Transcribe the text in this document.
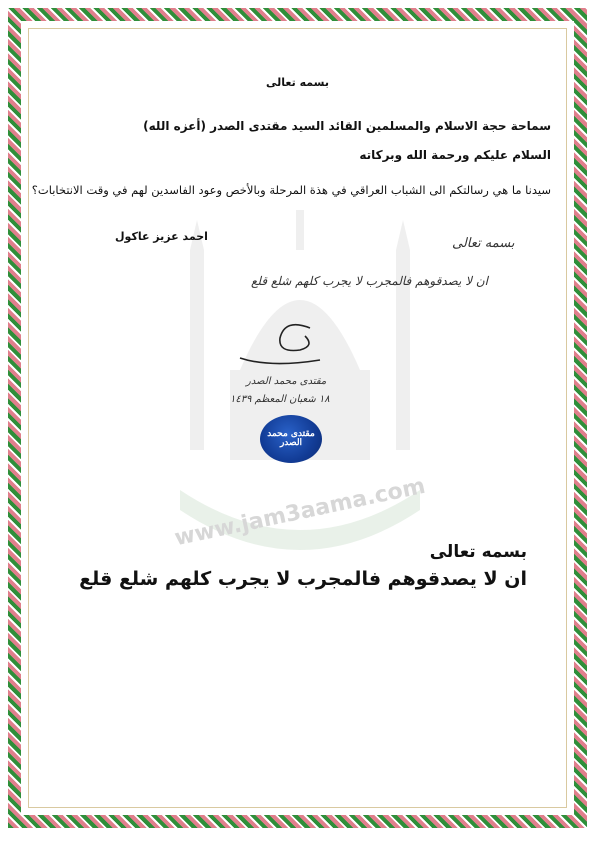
www.jam3aama.com
بسمه تعالى
سماحة حجة الاسلام والمسلمين القائد السيد مقتدى الصدر (أعزه الله)
السلام عليكم ورحمة الله وبركاته
سيدنا ما هي رسالتكم الى الشباب العراقي في هذة المرحلة وبالأخص وعود الفاسدين لهم في وقت الانتخابات؟
احمد عزيز عاكول	بسمه تعالى
ان لا يصدقوهم فالمجرب لا يجرب كلهم شلع قلع
مقتدى محمد الصدر
١٨ شعبان المعظم ١٤٣٩
مقتدى محمد الصدر
بسمه تعالى
ان لا يصدقوهم فالمجرب لا يجرب كلهم شلع قلع
